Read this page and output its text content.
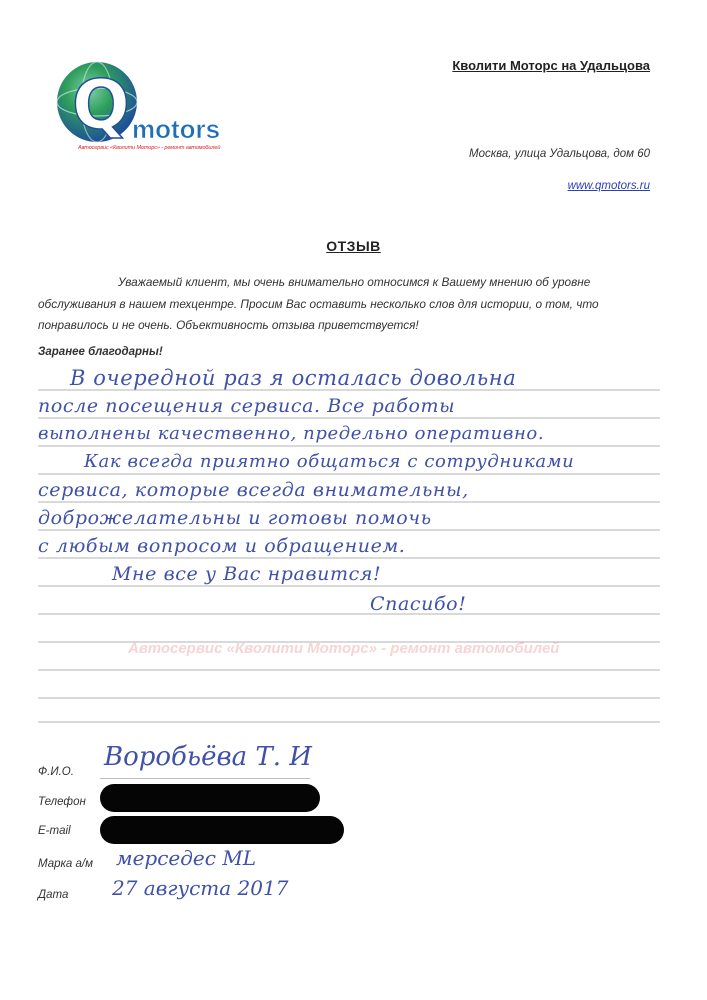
Q motors
Автосервис «Кволити Моторс» - ремонт автомобилей
Кволити Моторс на Удальцова
Москва, улица Удальцова, дом 60
www.qmotors.ru
ОТЗЫВ

Уважаемый клиент, мы очень внимательно относимся к Вашему мнению об уровне обслуживания в нашем техцентре. Просим Вас оставить несколько слов для истории, о том, что понравилось и не очень. Объективность отзыва приветствуется!

Заранее благодарны!
В очередной раз я осталась довольна
после посещения сервиса. Все работы
выполнены качественно, предельно оперативно.
Как всегда приятно общаться с сотрудниками
сервиса, которые всегда внимательны,
доброжелательны и готовы помочь
с любым вопросом и обращением.
Мне все у Вас нравится!
Спасибо!
Автосервис «Кволити Моторс» - ремонт автомобилей
Ф.И.О. Воробьёва Т. И
Телефон
E-mail
Марка а/м мерседес МL
Дата 27 августа 2017
